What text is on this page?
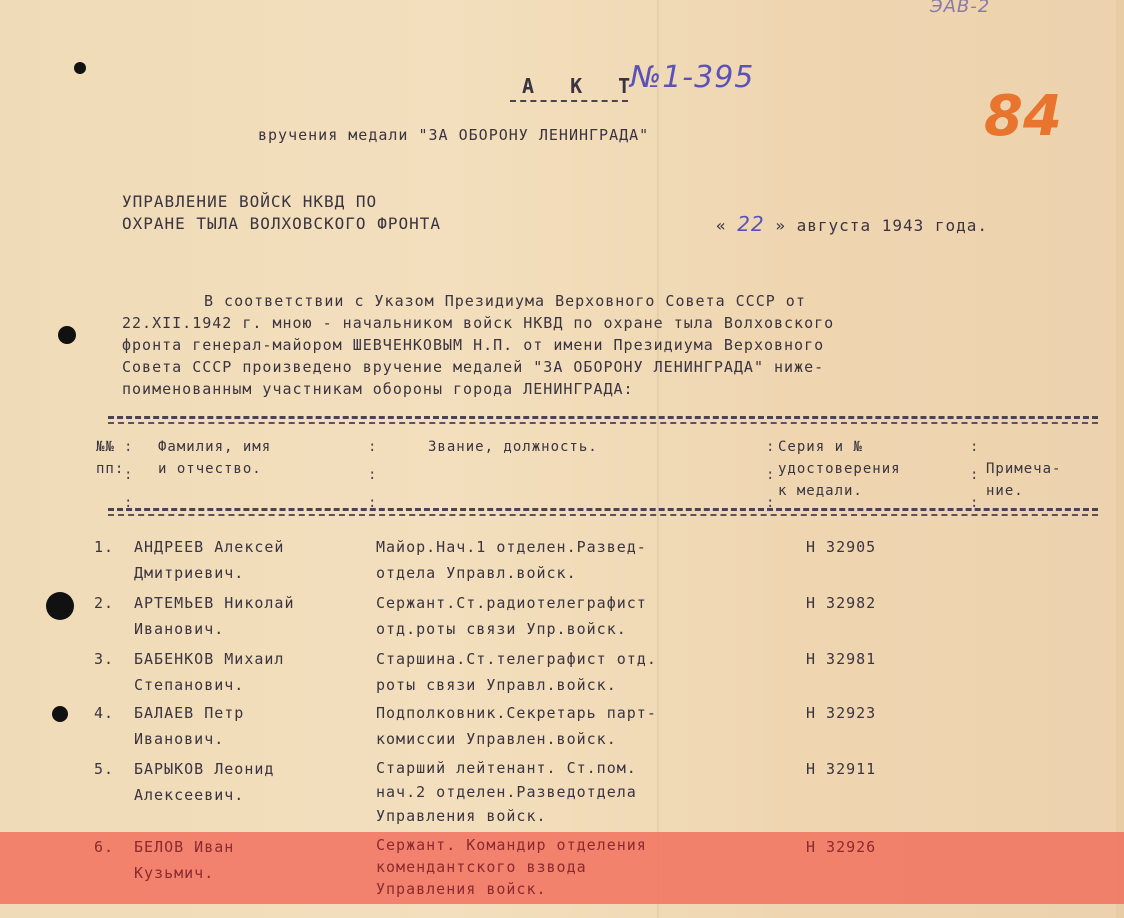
ЭАВ-2
А К Т
№1-395
84
вручения медали "ЗА ОБОРОНУ ЛЕНИНГРАДА"
УПРАВЛЕНИЕ ВОЙСК НКВД ПО
ОХРАНЕ ТЫЛА ВОЛХОВСКОГО ФРОНТА	« 22 » августа 1943 года.
В соответствии с Указом Президиума Верховного Совета СССР от
22.XII.1942 г. мною - начальником войск НКВД по охране тыла Волховского
фронта генерал-майором ШЕВЧЕНКОВЫМ Н.П. от имени Президиума Верховного
Совета СССР произведено вручение медалей "ЗА ОБОРОНУ ЛЕНИНГРАДА" ниже-
поименованным участникам обороны города ЛЕНИНГРАДА:
№№
пп:
Фамилия, имя
и отчество.
Звание, должность.	Серия и №
удостоверения
к медали.
Примеча-
ние.
:

:

:
:

:

:
:

:

:
:

:

:
1. АНДРЕЕВ Алексей
Дмитриевич.
Майор.Нач.1 отделен.Развед-
отдела Управл.войск.
Н 32905
2. АРТЕМЬЕВ Николай
Иванович.
Сержант.Ст.радиотелеграфист
отд.роты связи Упр.войск.
Н 32982
3. БАБЕНКОВ Михаил
Степанович.
Старшина.Ст.телеграфист отд.
роты связи Управл.войск.
Н 32981
4. БАЛАЕВ Петр
Иванович.
Подполковник.Секретарь парт-
комиссии Управлен.войск.
Н 32923
5. БАРЫКОВ Леонид
Алексеевич.
Старший лейтенант. Ст.пом.
нач.2 отделен.Разведотдела
Управления войск.
Н 32911
6. БЕЛОВ Иван
Кузьмич.
Сержант. Командир отделения
комендантского взвода
Управления войск.
Н 32926
